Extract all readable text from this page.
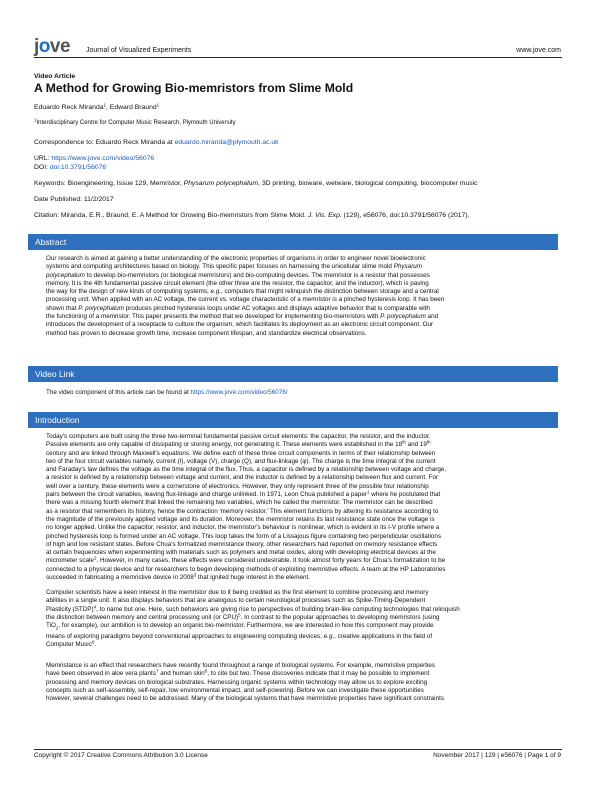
jove	Journal of Visualized Experiments	www.jove.com
Video Article
A Method for Growing Bio-memristors from Slime Mold
Eduardo Reck Miranda$^1$, Edward Braund$^1$
$^1$Interdisciplinary Centre for Computer Music Research, Plymouth University
Correspondence to: Eduardo Reck Miranda at eduardo.miranda@plymouth.ac.uk
URL: https://www.jove.com/video/56076
DOI: doi:10.3791/56076
Keywords: Bioengineering, Issue 129, Memristor, Physarum polycephalum, 3D printing, bioware, wetware, biological computing, biocomputer music
Date Published: 11/2/2017
Citation: Miranda, E.R., Braund, E. A Method for Growing Bio-memristors from Slime Mold. J. Vis. Exp. (129), e56076, doi:10.3791/56076 (2017).
Abstract
Our research is aimed at gaining a better understanding of the electronic properties of organisms in order to engineer novel bioelectronic
systems and computing architectures based on biology. This specific paper focuses on harnessing the unicellular slime mold Physarum
polycephalum to develop bio-memristors (or biological memristors) and bio-computing devices. The memristor is a resistor that possesses
memory. It is the 4th fundamental passive circuit element (the other three are the resistor, the capacitor, and the inductor), which is paving
the way for the design of new kinds of computing systems; e.g., computers that might relinquish the distinction between storage and a central
processing unit. When applied with an AC voltage, the current vs. voltage characteristic of a memristor is a pinched hysteresis loop. It has been
shown that P. polycephalum produces pinched hysteresis loops under AC voltages and displays adaptive behavior that is comparable with
the functioning of a memristor. This paper presents the method that we developed for implementing bio-memristors with P. polycephalum and
introduces the development of a receptacle to culture the organism, which facilitates its deployment as an electronic circuit component. Our
method has proven to decrease growth time, increase component lifespan, and standardize electrical observations.
Video Link
The video component of this article can be found at https://www.jove.com/video/56076/
Introduction
Today's computers are built using the three two-terminal fundamental passive circuit elements: the capacitor, the resistor, and the inductor.
Passive elements are only capable of dissipating or storing energy, not generating it. These elements were established in the 18th and 19th
century and are linked through Maxwell's equations. We define each of these three circuit components in terms of their relationship between
two of the four circuit variables namely, current (I), voltage (V), charge (Q), and flux-linkage (φ). The charge is the time integral of the current
and Faraday's law defines the voltage as the time integral of the flux. Thus, a capacitor is defined by a relationship between voltage and charge,
a resistor is defined by a relationship between voltage and current, and the inductor is defined by a relationship between flux and current. For
well over a century, these elements were a cornerstone of electronics. However, they only represent three of the possible four relationship
pairs between the circuit variables, leaving flux-linkage and charge unlinked. In 1971, Leon Chua published a paper$^1$ where he postulated that
there was a missing fourth element that linked the remaining two variables, which he called the memristor. The memristor can be described
as a resistor that remembers its history, hence the contraction 'memory resistor.' This element functions by altering its resistance according to
the magnitude of the previously applied voltage and its duration. Moreover, the memristor retains its last resistance state once the voltage is
no longer applied. Unlike the capacitor, resistor, and inductor, the memristor's behaviour is nonlinear, which is evident in its I-V profile where a
pinched hysteresis loop is formed under an AC voltage. This loop takes the form of a Lissajous figure containing two perpendicular oscillations
of high and low resistant states. Before Chua's formalized memristance theory, other researchers had reported on memory resistance effects
at certain frequencies when experimenting with materials such as polymers and metal oxides, along with developing electrical devices at the
micrometer scale$^2$. However, in many cases, these effects were considered undesirable. It took almost forty years for Chua's formalization to be
connected to a physical device and for researchers to begin developing methods of exploiting memristive effects. A team at the HP Laboratories
succeeded in fabricating a memristive device in 2008$^3$ that ignited huge interest in the element.
Computer scientists have a keen interest in the memristor due to it being credited as the first element to combine processing and memory
abilities in a single unit. It also displays behaviors that are analogous to certain neurological processes such as Spike-Timing-Dependent
Plasticity (STDP)$^4$, to name but one. Here, such behaviors are giving rise to perspectives of building brain-like computing technologies that relinquish
the distinction between memory and central processing unit (or CPU)$^5$. In contrast to the popular approaches to developing memristors (using
TiO$_2$, for example), our ambition is to develop an organic bio-memristor. Furthermore, we are interested in how this component may provide
means of exploring paradigms beyond conventional approaches to engineering computing devices; e.g., creative applications in the field of
Computer Music$^6$.
Memristance is an effect that researchers have recently found throughout a range of biological systems. For example, memristive properties
have been observed in aloe vera plants$^7$ and human skin$^8$, to cite but two. These discoveries indicate that it may be possible to implement
processing and memory devices on biological substrates. Harnessing organic systems within technology may allow us to explore exciting
concepts such as self-assembly, self-repair, low environmental impact, and self-powering. Before we can investigate these opportunities
however, several challenges need to be addressed. Many of the biological systems that have memristive properties have significant constraints
Copyright © 2017 Creative Commons Attribution 3.0 License	November 2017 | 129 | e56076 | Page 1 of 9
